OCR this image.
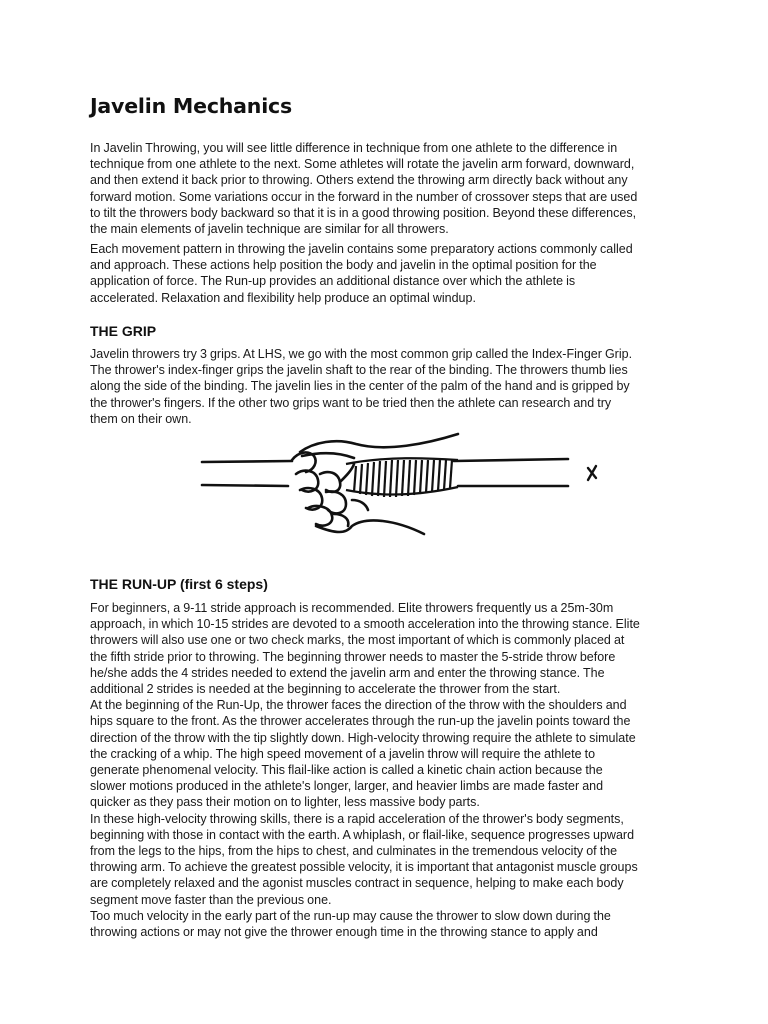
Javelin Mechanics

In Javelin Throwing, you will see little difference in technique from one athlete to the difference in
technique from one athlete to the next. Some athletes will rotate the javelin arm forward, downward,
and then extend it back prior to throwing. Others extend the throwing arm directly back without any
forward motion. Some variations occur in the forward in the number of crossover steps that are used
to tilt the throwers body backward so that it is in a good throwing position. Beyond these differences,
the main elements of javelin technique are similar for all throwers.

Each movement pattern in throwing the javelin contains some preparatory actions commonly called
and approach. These actions help position the body and javelin in the optimal position for the
application of force. The Run-up provides an additional distance over which the athlete is
accelerated. Relaxation and flexibility help produce an optimal windup.

THE GRIP

Javelin throwers try 3 grips. At LHS, we go with the most common grip called the Index-Finger Grip.
The thrower's index-finger grips the javelin shaft to the rear of the binding. The throwers thumb lies
along the side of the binding. The javelin lies in the center of the palm of the hand and is gripped by
the thrower's fingers. If the other two grips want to be tried then the athlete can research and try
them on their own.

THE RUN-UP (first 6 steps)

For beginners, a 9-11 stride approach is recommended. Elite throwers frequently us a 25m-30m
approach, in which 10-15 strides are devoted to a smooth acceleration into the throwing stance. Elite
throwers will also use one or two check marks, the most important of which is commonly placed at
the fifth stride prior to throwing. The beginning thrower needs to master the 5-stride throw before
he/she adds the 4 strides needed to extend the javelin arm and enter the throwing stance. The
additional 2 strides is needed at the beginning to accelerate the thrower from the start.
At the beginning of the Run-Up, the thrower faces the direction of the throw with the shoulders and
hips square to the front. As the thrower accelerates through the run-up the javelin points toward the
direction of the throw with the tip slightly down. High-velocity throwing require the athlete to simulate
the cracking of a whip. The high speed movement of a javelin throw will require the athlete to
generate phenomenal velocity. This flail-like action is called a kinetic chain action because the
slower motions produced in the athlete's longer, larger, and heavier limbs are made faster and
quicker as they pass their motion on to lighter, less massive body parts.
In these high-velocity throwing skills, there is a rapid acceleration of the thrower's body segments,
beginning with those in contact with the earth. A whiplash, or flail-like, sequence progresses upward
from the legs to the hips, from the hips to chest, and culminates in the tremendous velocity of the
throwing arm. To achieve the greatest possible velocity, it is important that antagonist muscle groups
are completely relaxed and the agonist muscles contract in sequence, helping to make each body
segment move faster than the previous one.
Too much velocity in the early part of the run-up may cause the thrower to slow down during the
throwing actions or may not give the thrower enough time in the throwing stance to apply and
